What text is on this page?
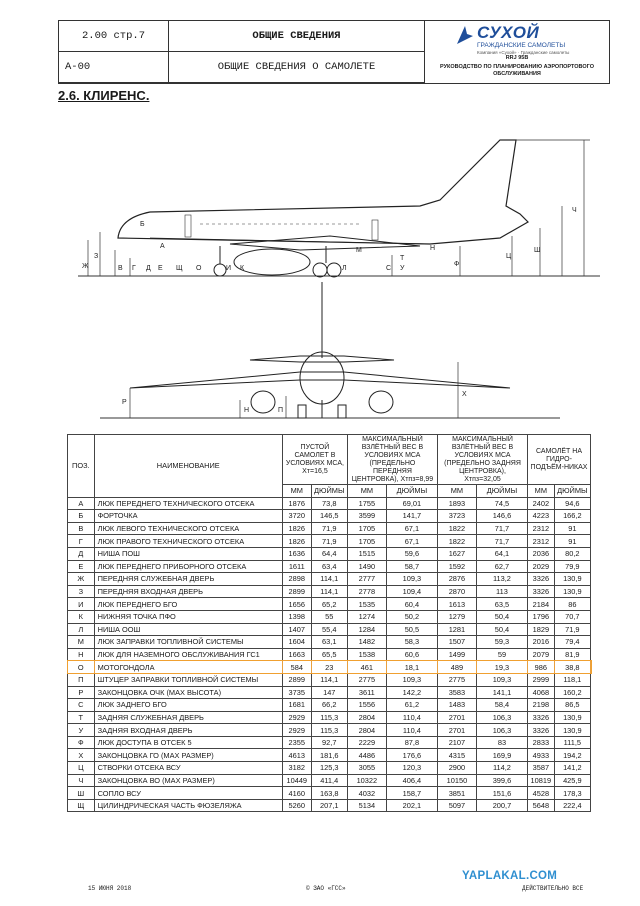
2.00 стр.7
А-00
ОБЩИЕ СВЕДЕНИЯ
ОБЩИЕ СВЕДЕНИЯ О САМОЛЕТЕ
СУХОЙ
ГРАЖДАНСКИЕ САМОЛЕТЫ
Компания «Сухой» · Гражданские самолеты
RRJ 95B
РУКОВОДСТВО ПО ПЛАНИРОВАНИЮ АЭРОПОРТОВОГО ОБСЛУЖИВАНИЯ
2.6. КЛИРЕНС.
Ж
З
В Г Д Е Щ О	И К
Б
А
Л
М
С
Т
У
Н
Ф
Ц
Ш
Ч
Р
Н	П
Х
ПОЗ.	НАИМЕНОВАНИЕ	ПУСТОЙ САМОЛЕТ В УСЛОВИЯХ МСА, Хт=16,5		МАКСИМАЛЬНЫЙ ВЗЛЁТНЫЙ ВЕС В УСЛОВИЯХ МСА (ПРЕДЕЛЬНО ПЕРЕДНЯЯ ЦЕНТРОВКА), Хтпз=8,99		МАКСИМАЛЬНЫЙ ВЗЛЁТНЫЙ ВЕС В УСЛОВИЯХ МСА (ПРЕДЕЛЬНО ЗАДНЯЯ ЦЕНТРОВКА), Хтпз=32,05		САМОЛЁТ НА ГИДРО-ПОДЪЁМ-НИКАХ	
		ММ	ДЮЙМЫ	ММ	ДЮЙМЫ	ММ	ДЮЙМЫ	ММ	ДЮЙМЫ
А	ЛЮК ПЕРЕДНЕГО ТЕХНИЧЕСКОГО ОТСЕКА	1876	73,8	1755	69,01	1893	74,5	2402	94,6
Б	ФОРТОЧКА	3720	146,5	3599	141,7	3723	146,6	4223	166,2
В	ЛЮК ЛЕВОГО ТЕХНИЧЕСКОГО ОТСЕКА	1826	71,9	1705	67,1	1822	71,7	2312	91
Г	ЛЮК ПРАВОГО ТЕХНИЧЕСКОГО ОТСЕКА	1826	71,9	1705	67,1	1822	71,7	2312	91
Д	НИША ПОШ	1636	64,4	1515	59,6	1627	64,1	2036	80,2
Е	ЛЮК ПЕРЕДНЕГО ПРИБОРНОГО ОТСЕКА	1611	63,4	1490	58,7	1592	62,7	2029	79,9
Ж	ПЕРЕДНЯЯ СЛУЖЕБНАЯ ДВЕРЬ	2898	114,1	2777	109,3	2876	113,2	3326	130,9
З	ПЕРЕДНЯЯ ВХОДНАЯ ДВЕРЬ	2899	114,1	2778	109,4	2870	113	3326	130,9
И	ЛЮК ПЕРЕДНЕГО БГО	1656	65,2	1535	60,4	1613	63,5	2184	86
К	НИЖНЯЯ ТОЧКА ПФО	1398	55	1274	50,2	1279	50,4	1796	70,7
Л	НИША ООШ	1407	55,4	1284	50,5	1281	50,4	1829	71,9
М	ЛЮК ЗАПРАВКИ ТОПЛИВНОЙ СИСТЕМЫ	1604	63,1	1482	58,3	1507	59,3	2016	79,4
Н	ЛЮК ДЛЯ НАЗЕМНОГО ОБСЛУЖИВАНИЯ ГС1	1663	65,5	1538	60,6	1499	59	2079	81,9
О	МОТОГОНДОЛА	584	23	461	18,1	489	19,3	986	38,8
П	ШТУЦЕР ЗАПРАВКИ ТОПЛИВНОЙ СИСТЕМЫ	2899	114,1	2775	109,3	2775	109,3	2999	118,1
Р	ЗАКОНЦОВКА ОЧК (МАХ ВЫСОТА)	3735	147	3611	142,2	3583	141,1	4068	160,2
С	ЛЮК ЗАДНЕГО БГО	1681	66,2	1556	61,2	1483	58,4	2198	86,5
Т	ЗАДНЯЯ СЛУЖЕБНАЯ ДВЕРЬ	2929	115,3	2804	110,4	2701	106,3	3326	130,9
У	ЗАДНЯЯ ВХОДНАЯ ДВЕРЬ	2929	115,3	2804	110,4	2701	106,3	3326	130,9
Ф	ЛЮК ДОСТУПА В ОТСЕК 5	2355	92,7	2229	87,8	2107	83	2833	111,5
Х	ЗАКОНЦОВКА ГО (МАХ РАЗМЕР)	4613	181,6	4486	176,6	4315	169,9	4933	194,2
Ц	СТВОРКИ ОТСЕКА ВСУ	3182	125,3	3055	120,3	2900	114,2	3587	141,2
Ч	ЗАКОНЦОВКА ВО (МАХ РАЗМЕР)	10449	411,4	10322	406,4	10150	399,6	10819	425,9
Ш	СОПЛО ВСУ	4160	163,8	4032	158,7	3851	151,6	4528	178,3
Щ	ЦИЛИНДРИЧЕСКАЯ ЧАСТЬ ФЮЗЕЛЯЖА	5260	207,1	5134	202,1	5097	200,7	5648	222,4
15 ИЮНЯ 2018	© ЗАО «ГСС»	ДЕЙСТВИТЕЛЬНО ВСЕ
YAPLAKAL.COM
